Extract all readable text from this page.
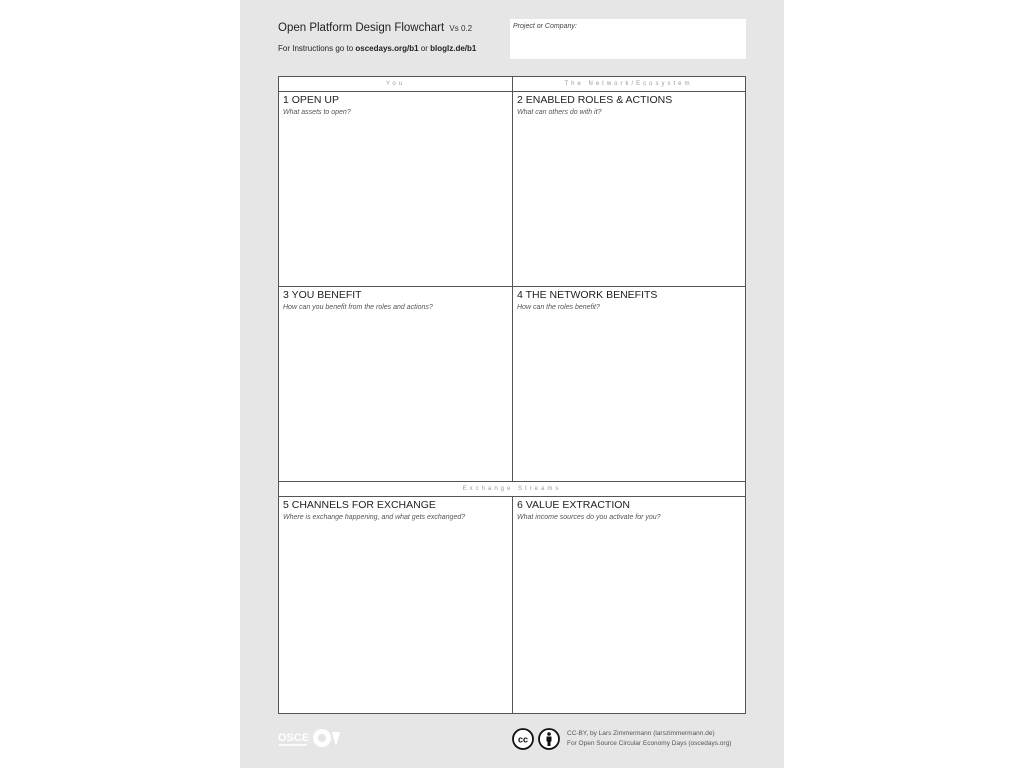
Open Platform Design Flowchart Vs 0.2
For Instructions go to oscedays.org/b1 or bloglz.de/b1
Project or Company:
You	The Network/Ecosystem
1 OPEN UP
What assets to open?
2 ENABLED ROLES & ACTIONS
What can others do with it?
3 YOU BENEFIT
How can you benefit from the roles and actions?
4 THE NETWORK BENEFITS
How can the roles benefit?
Exchange Streams
5 CHANNELS FOR EXCHANGE
Where is exchange happening, and what gets exchanged?
6 VALUE EXTRACTION
What income sources do you activate for you?
OSCE	cc
CC-BY, by Lars Zimmermann (larszimmermann.de)
For Open Source Circular Economy Days (oscedays.org)
